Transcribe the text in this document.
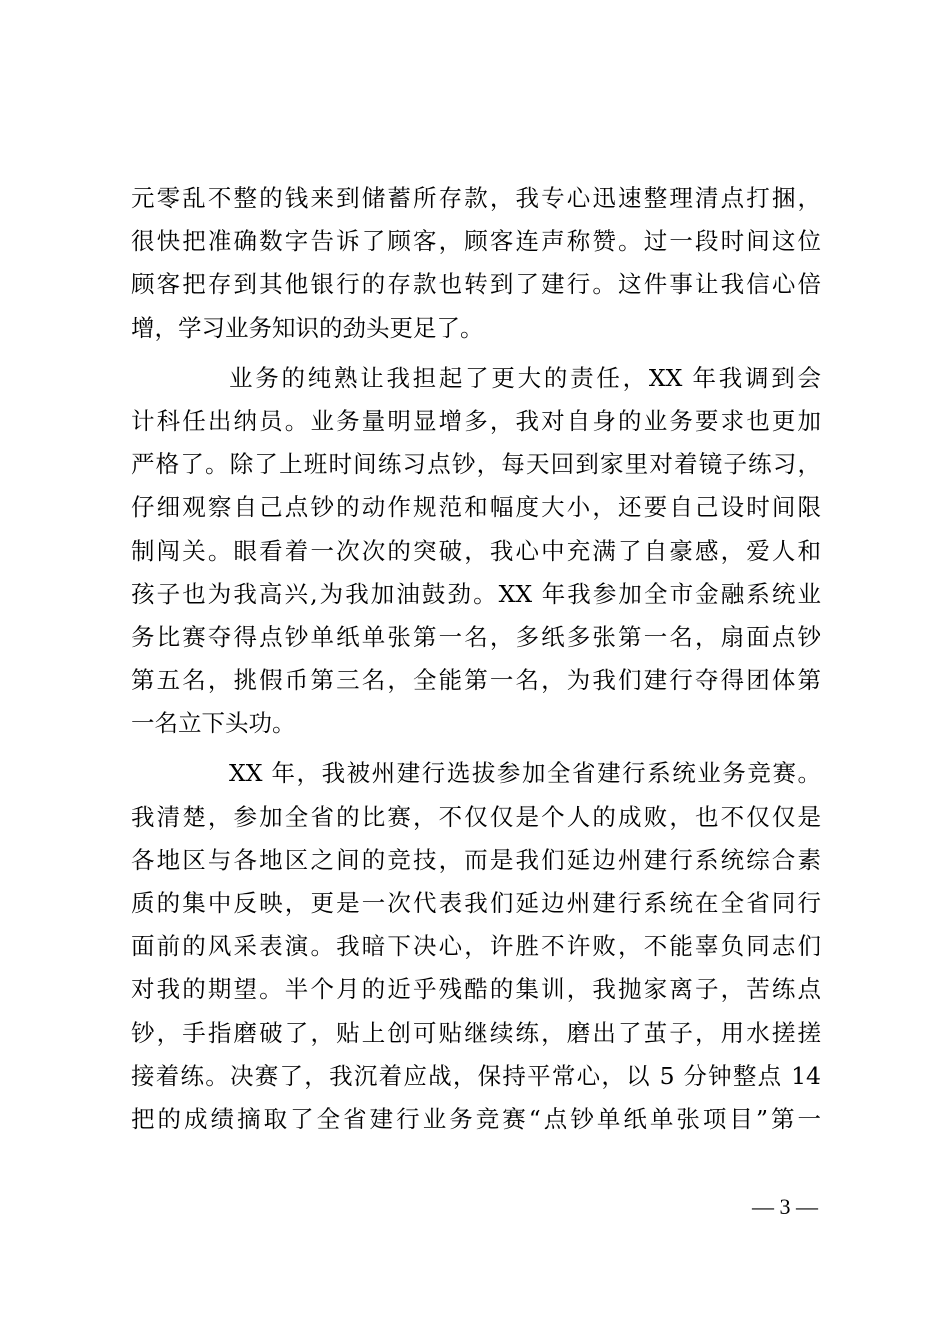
元零乱不整的钱来到储蓄所存款，我专心迅速整理清点打捆，
很快把准确数字告诉了顾客，顾客连声称赞。过一段时间这位
顾客把存到其他银行的存款也转到了建行。这件事让我信心倍
增，学习业务知识的劲头更足了。
业务的纯熟让我担起了更大的责任，XX 年我调到会
计科任出纳员。业务量明显增多，我对自身的业务要求也更加
严格了。除了上班时间练习点钞，每天回到家里对着镜子练习，
仔细观察自己点钞的动作规范和幅度大小，还要自己设时间限
制闯关。眼看着一次次的突破，我心中充满了自豪感，爱人和
孩子也为我高兴,为我加油鼓劲。XX 年我参加全市金融系统业
务比赛夺得点钞单纸单张第一名，多纸多张第一名，扇面点钞
第五名，挑假币第三名，全能第一名，为我们建行夺得团体第
一名立下头功。
XX 年，我被州建行选拔参加全省建行系统业务竞赛。
我清楚，参加全省的比赛，不仅仅是个人的成败，也不仅仅是
各地区与各地区之间的竞技，而是我们延边州建行系统综合素
质的集中反映，更是一次代表我们延边州建行系统在全省同行
面前的风采表演。我暗下决心，许胜不许败，不能辜负同志们
对我的期望。半个月的近乎残酷的集训，我抛家离子，苦练点
钞，手指磨破了，贴上创可贴继续练，磨出了茧子，用水搓搓
接着练。决赛了，我沉着应战，保持平常心，以 5 分钟整点 14
把的成绩摘取了全省建行业务竞赛“点钞单纸单张项目”第一
— 3 —
